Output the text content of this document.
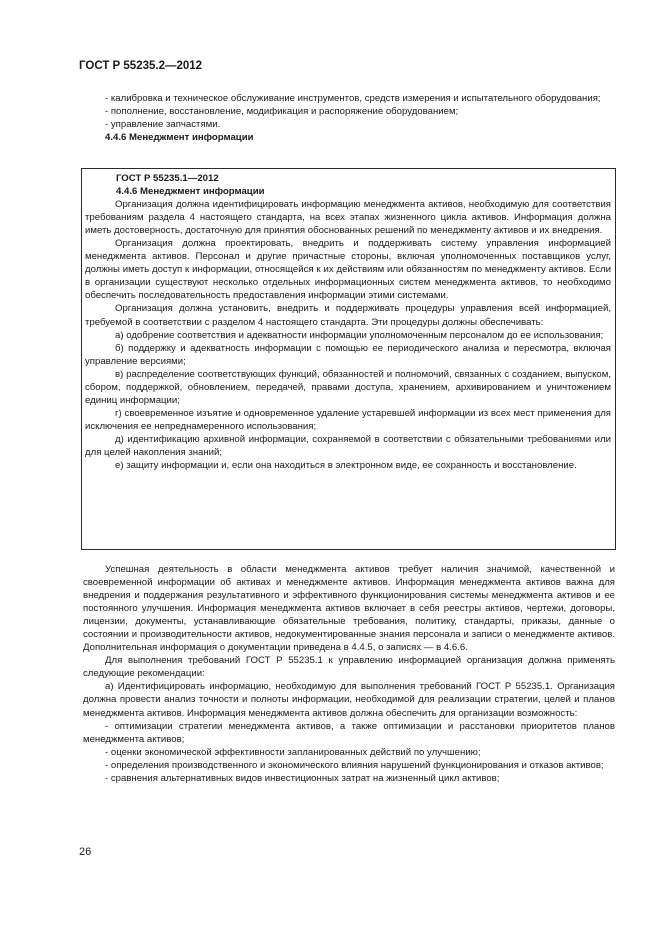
ГОСТ Р 55235.2—2012

- калибровка и техническое обслуживание инструментов, средств измерения и испытательного оборудования;

- пополнение, восстановление, модификация и распоряжение оборудованием;

- управление запчастями.

4.4.6 Менеджмент информации

ГОСТ Р 55235.1—2012

4.4.6 Менеджмент информации

Организация должна идентифицировать информацию менеджмента активов, необходимую для соответствия требованиям раздела 4 настоящего стандарта, на всех этапах жизненного цикла активов. Информация должна иметь достоверность, достаточную для принятия обоснованных решений по менеджменту активов и их внедрения.

Организация должна проектировать, внедрить и поддерживать систему управления информацией менеджмента активов. Персонал и другие причастные стороны, включая уполномоченных поставщиков услуг, должны иметь доступ к информации, относящейся к их действиям или обязанностям по менеджменту активов. Если в организации существуют несколько отдельных информационных систем менеджмента активов, то необходимо обеспечить последовательность предоставления информации этими системами.

Организация должна установить, внедрить и поддерживать процедуры управления всей информацией, требуемой в соответствии с разделом 4 настоящего стандарта. Эти процедуры должны обеспечивать:

а) одобрение соответствия и адекватности информации уполномоченным персоналом до ее использования;

б) поддержку и адекватность информации с помощью ее периодического анализа и пересмотра, включая управление версиями;

в) распределение соответствующих функций, обязанностей и полномочий, связанных с созданием, выпуском, сбором, поддержкой, обновлением, передачей, правами доступа, хранением, архивированием и уничтожением единиц информации;

г) своевременное изъятие и одновременное удаление устаревшей информации из всех мест применения для исключения ее непреднамеренного использования;

д) идентификацию архивной информации, сохраняемой в соответствии с обязательными требованиями или для целей накопления знаний;

е) защиту информации и, если она находиться в электронном виде, ее сохранность и восстановление.

Успешная деятельность в области менеджмента активов требует наличия значимой, качественной и своевременной информации об активах и менеджменте активов. Информация менеджмента активов важна для внедрения и поддержания результативного и эффективного функционирования системы менеджмента активов и ее постоянного улучшения. Информация менеджмента активов включает в себя реестры активов, чертежи, договоры, лицензии, документы, устанавливающие обязательные требования, политику, стандарты, приказы, данные о состоянии и производительности активов, недокументированные знания персонала и записи о менеджменте активов. Дополнительная информация о документации приведена в 4.4.5, о записях — в 4.6.6.

Для выполнения требований ГОСТ Р 55235.1 к управлению информацией организация должна применять следующие рекомендации:

а) Идентифицировать информацию, необходимую для выполнения требований ГОСТ Р 55235.1. Организация должна провести анализ точности и полноты информации, необходимой для реализации стратегии, целей и планов менеджмента активов. Информация менеджмента активов должна обеспечить для организации возможность:

- оптимизации стратегии менеджмента активов, а также оптимизации и расстановки приоритетов планов менеджмента активов;

- оценки экономической эффективности запланированных действий по улучшению;

- определения производственного и экономического влияния нарушений функционирования и отказов активов;

- сравнения альтернативных видов инвестиционных затрат на жизненный цикл активов;

26
